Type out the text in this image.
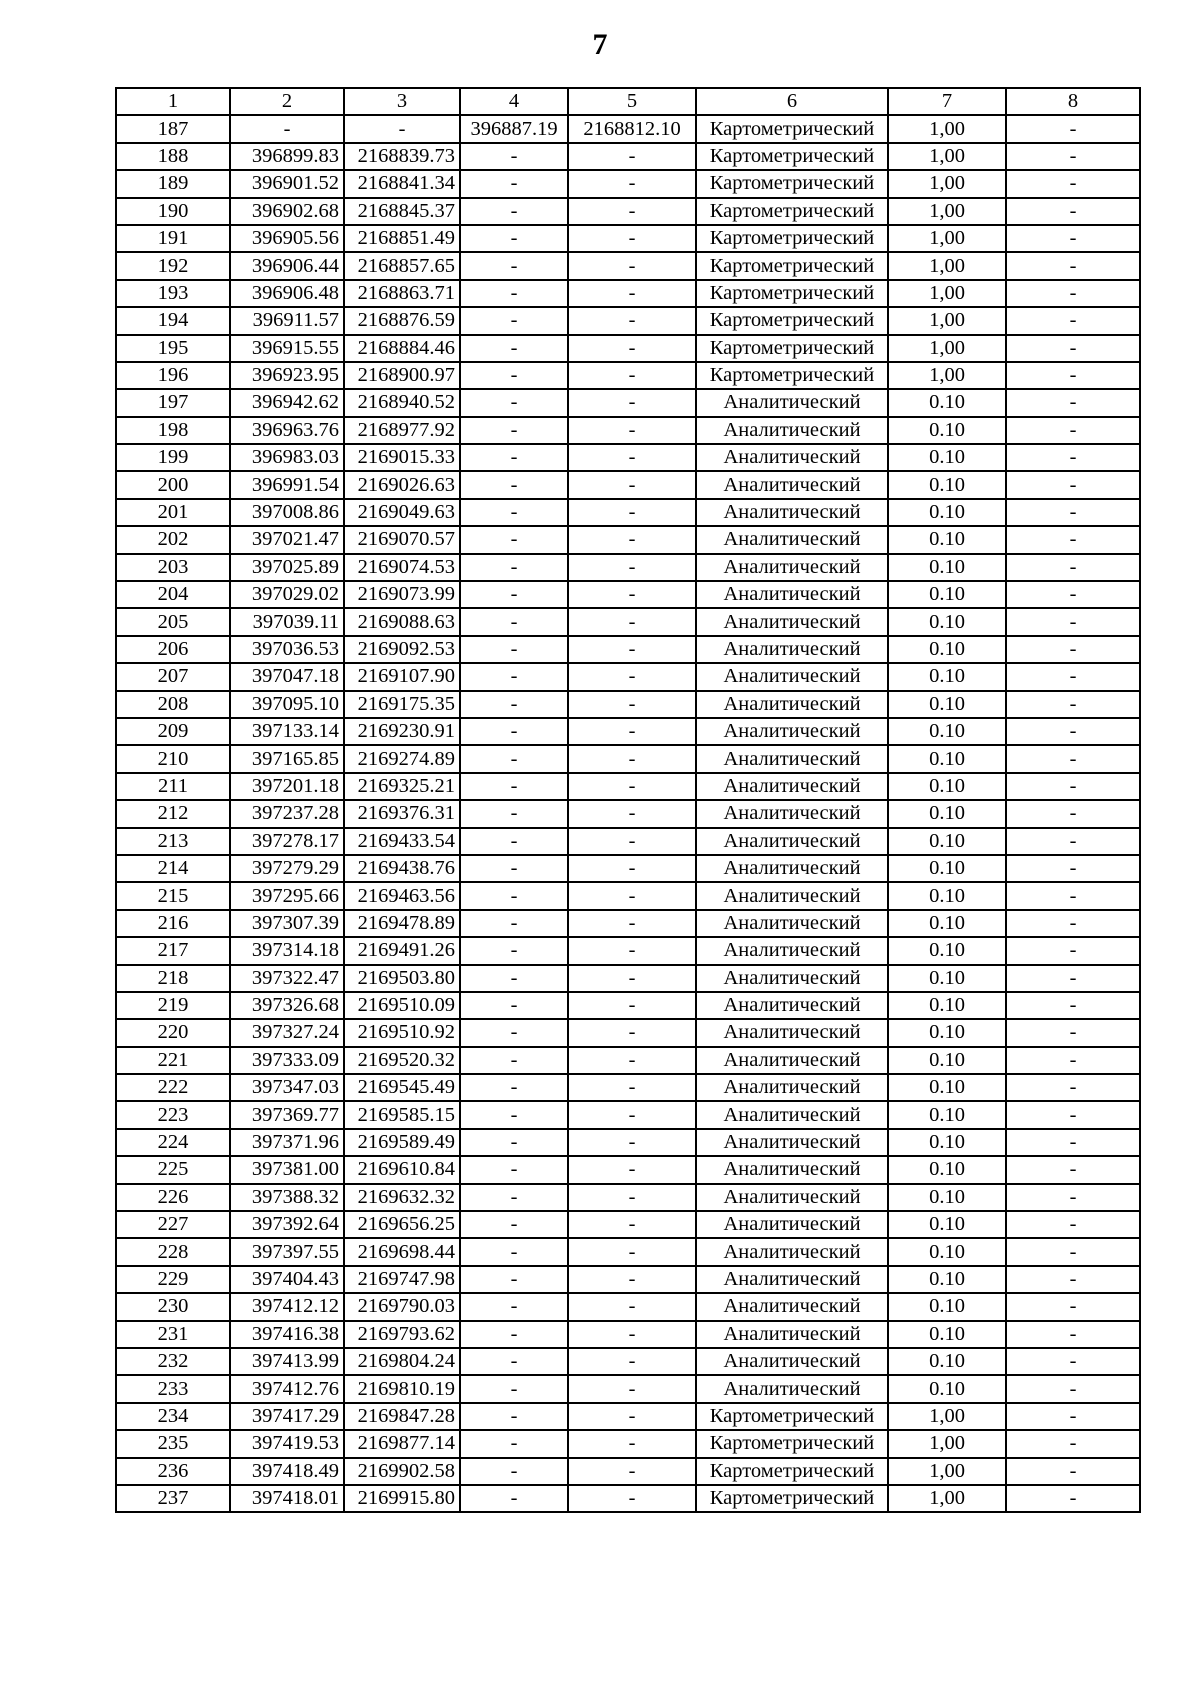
7
1	2	3	4	5	6	7	8
187	-	-	396887.19	2168812.10	Картометрический	1,00	-
188	396899.83	2168839.73	-	-	Картометрический	1,00	-
189	396901.52	2168841.34	-	-	Картометрический	1,00	-
190	396902.68	2168845.37	-	-	Картометрический	1,00	-
191	396905.56	2168851.49	-	-	Картометрический	1,00	-
192	396906.44	2168857.65	-	-	Картометрический	1,00	-
193	396906.48	2168863.71	-	-	Картометрический	1,00	-
194	396911.57	2168876.59	-	-	Картометрический	1,00	-
195	396915.55	2168884.46	-	-	Картометрический	1,00	-
196	396923.95	2168900.97	-	-	Картометрический	1,00	-
197	396942.62	2168940.52	-	-	Аналитический	0.10	-
198	396963.76	2168977.92	-	-	Аналитический	0.10	-
199	396983.03	2169015.33	-	-	Аналитический	0.10	-
200	396991.54	2169026.63	-	-	Аналитический	0.10	-
201	397008.86	2169049.63	-	-	Аналитический	0.10	-
202	397021.47	2169070.57	-	-	Аналитический	0.10	-
203	397025.89	2169074.53	-	-	Аналитический	0.10	-
204	397029.02	2169073.99	-	-	Аналитический	0.10	-
205	397039.11	2169088.63	-	-	Аналитический	0.10	-
206	397036.53	2169092.53	-	-	Аналитический	0.10	-
207	397047.18	2169107.90	-	-	Аналитический	0.10	-
208	397095.10	2169175.35	-	-	Аналитический	0.10	-
209	397133.14	2169230.91	-	-	Аналитический	0.10	-
210	397165.85	2169274.89	-	-	Аналитический	0.10	-
211	397201.18	2169325.21	-	-	Аналитический	0.10	-
212	397237.28	2169376.31	-	-	Аналитический	0.10	-
213	397278.17	2169433.54	-	-	Аналитический	0.10	-
214	397279.29	2169438.76	-	-	Аналитический	0.10	-
215	397295.66	2169463.56	-	-	Аналитический	0.10	-
216	397307.39	2169478.89	-	-	Аналитический	0.10	-
217	397314.18	2169491.26	-	-	Аналитический	0.10	-
218	397322.47	2169503.80	-	-	Аналитический	0.10	-
219	397326.68	2169510.09	-	-	Аналитический	0.10	-
220	397327.24	2169510.92	-	-	Аналитический	0.10	-
221	397333.09	2169520.32	-	-	Аналитический	0.10	-
222	397347.03	2169545.49	-	-	Аналитический	0.10	-
223	397369.77	2169585.15	-	-	Аналитический	0.10	-
224	397371.96	2169589.49	-	-	Аналитический	0.10	-
225	397381.00	2169610.84	-	-	Аналитический	0.10	-
226	397388.32	2169632.32	-	-	Аналитический	0.10	-
227	397392.64	2169656.25	-	-	Аналитический	0.10	-
228	397397.55	2169698.44	-	-	Аналитический	0.10	-
229	397404.43	2169747.98	-	-	Аналитический	0.10	-
230	397412.12	2169790.03	-	-	Аналитический	0.10	-
231	397416.38	2169793.62	-	-	Аналитический	0.10	-
232	397413.99	2169804.24	-	-	Аналитический	0.10	-
233	397412.76	2169810.19	-	-	Аналитический	0.10	-
234	397417.29	2169847.28	-	-	Картометрический	1,00	-
235	397419.53	2169877.14	-	-	Картометрический	1,00	-
236	397418.49	2169902.58	-	-	Картометрический	1,00	-
237	397418.01	2169915.80	-	-	Картометрический	1,00	-
